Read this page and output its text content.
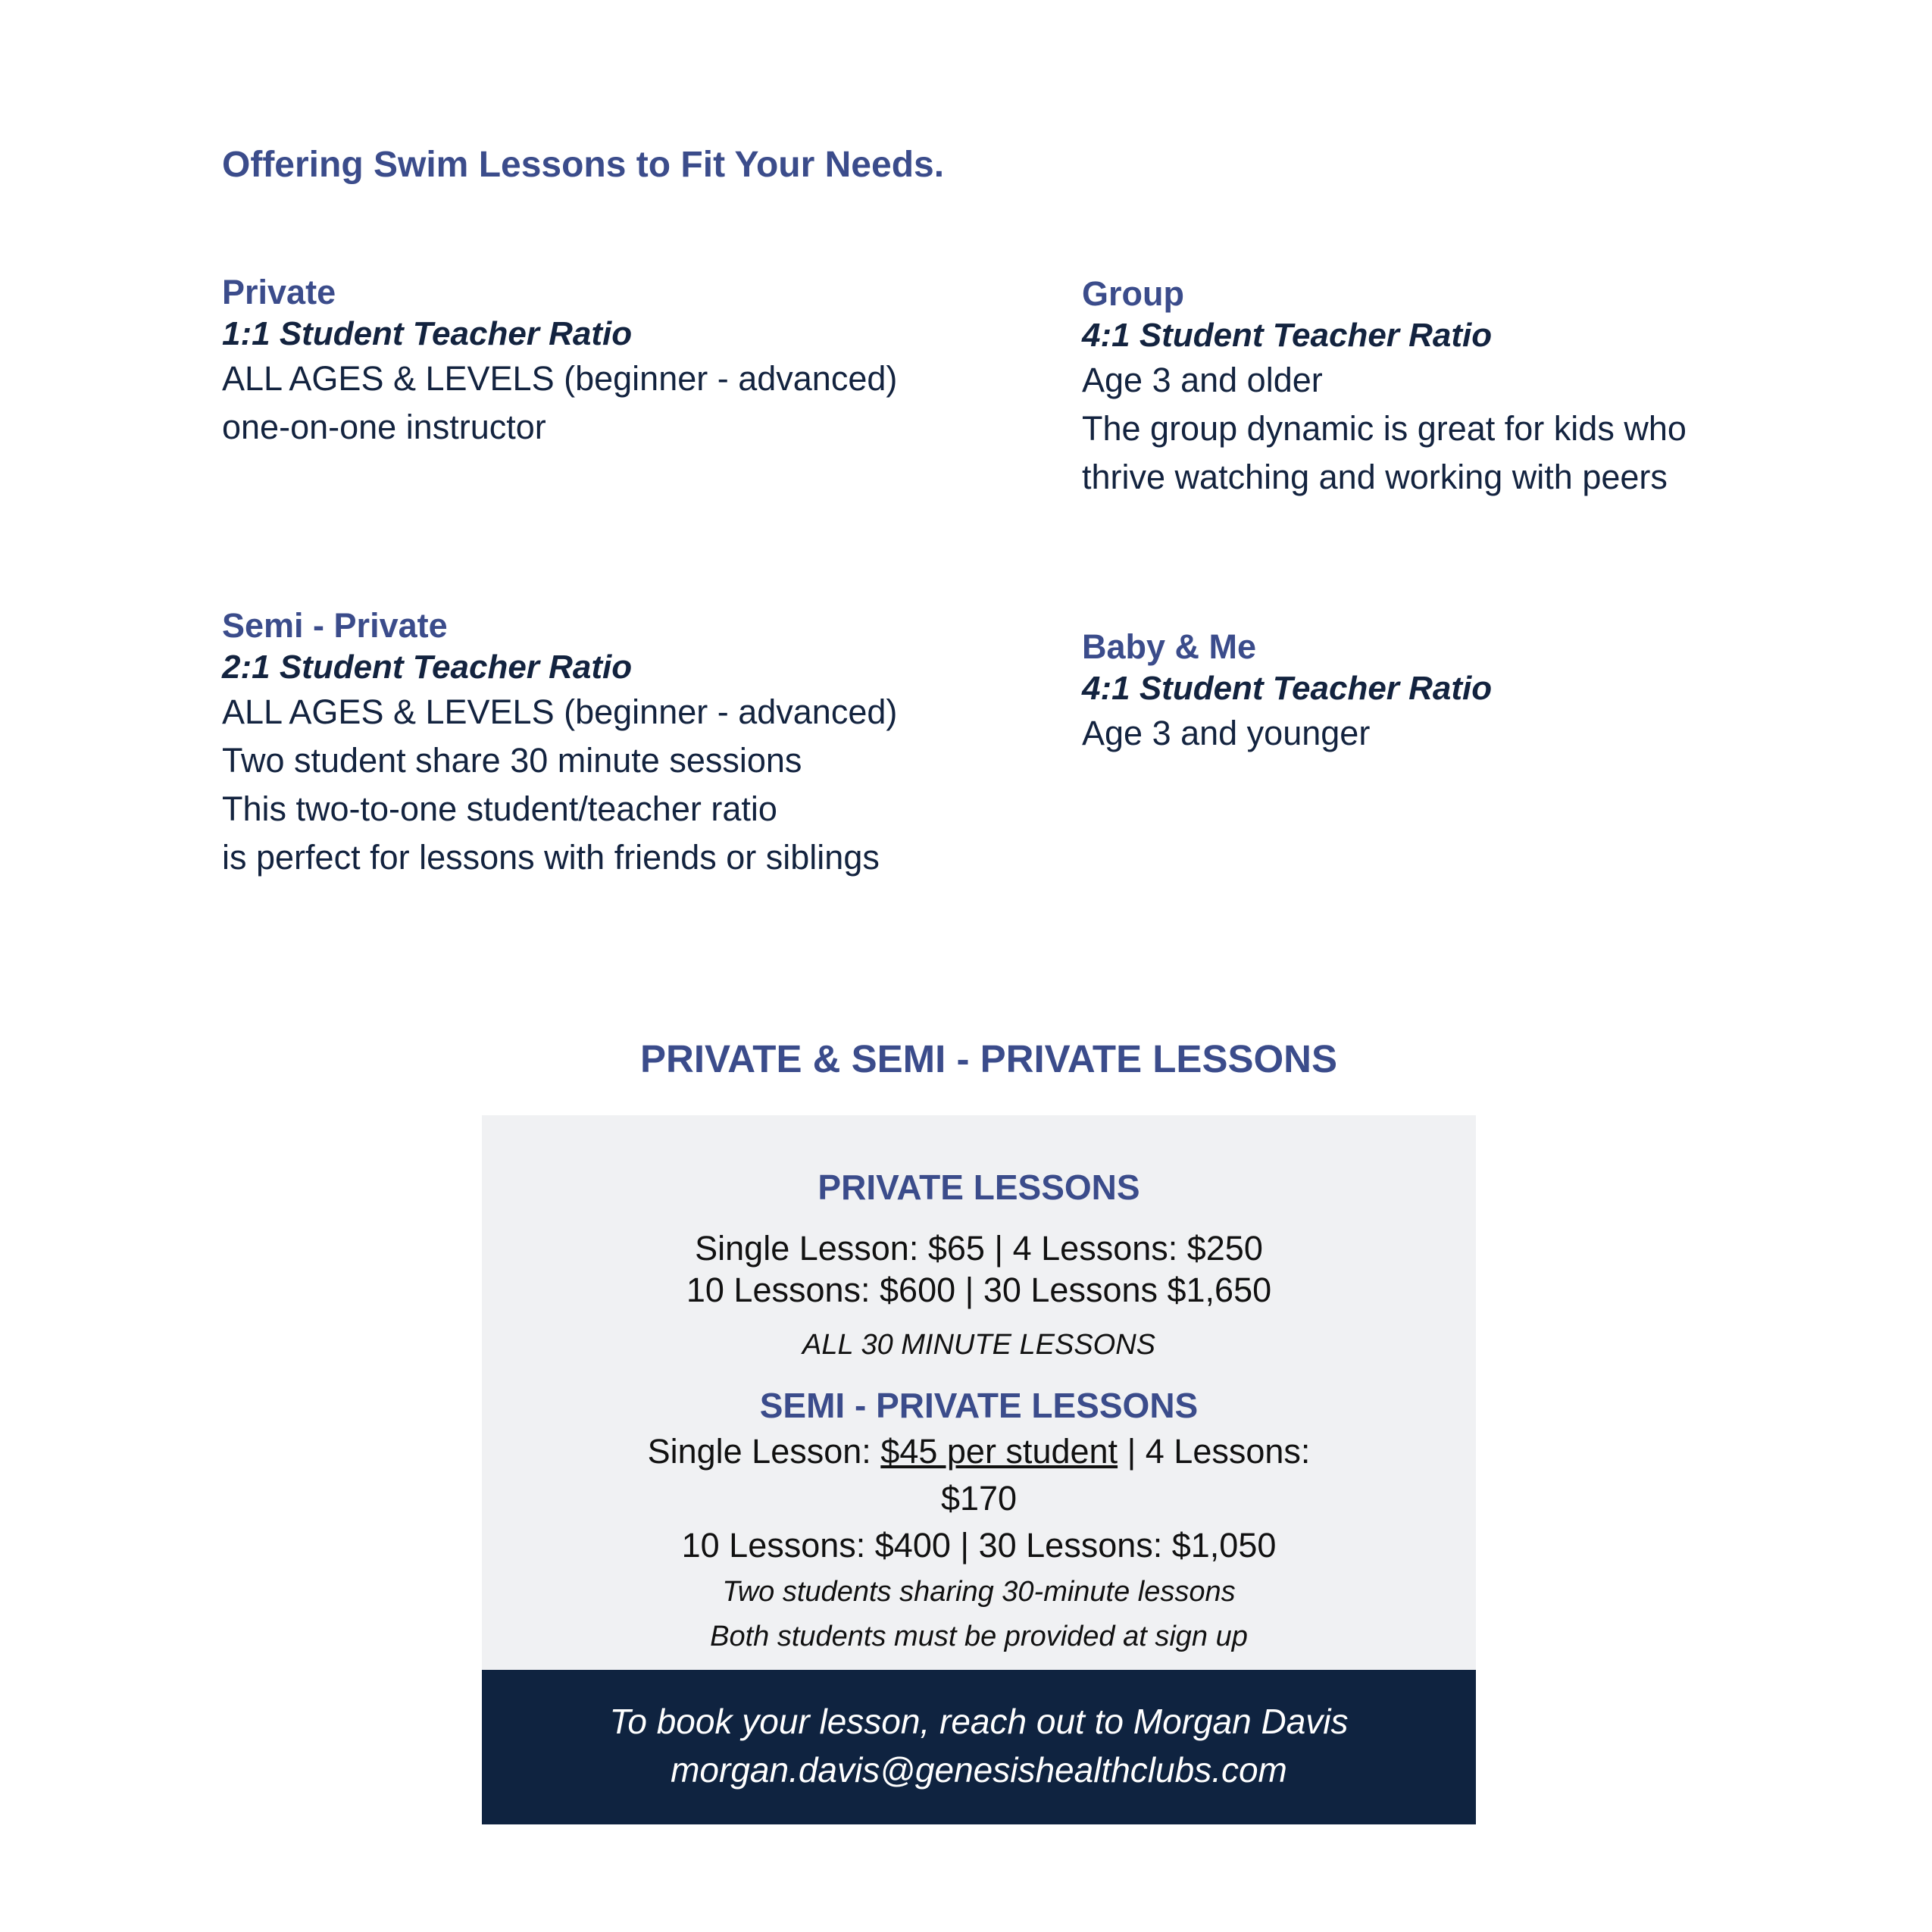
Offering Swim Lessons to Fit Your Needs.
Private
1:1 Student Teacher Ratio
ALL AGES & LEVELS (beginner - advanced)
one-on-one instructor
Group
4:1 Student Teacher Ratio
Age 3 and older
The group dynamic is great for kids who
thrive watching and working with peers
Semi - Private
2:1 Student Teacher Ratio
ALL AGES & LEVELS (beginner - advanced)
Two student share 30 minute sessions
This two-to-one student/teacher ratio
is perfect for lessons with friends or siblings
Baby & Me
4:1 Student Teacher Ratio
Age 3 and younger
PRIVATE & SEMI - PRIVATE LESSONS
PRIVATE LESSONS
Single Lesson: $65 | 4 Lessons: $250
10 Lessons: $600 | 30 Lessons $1,650
ALL 30 MINUTE LESSONS
SEMI - PRIVATE LESSONS
Single Lesson: $45 per student | 4 Lessons:
$170
10 Lessons: $400 | 30 Lessons: $1,050
Two students sharing 30-minute lessons
Both students must be provided at sign up
To book your lesson, reach out to Morgan Davis
morgan.davis@genesishealthclubs.com
